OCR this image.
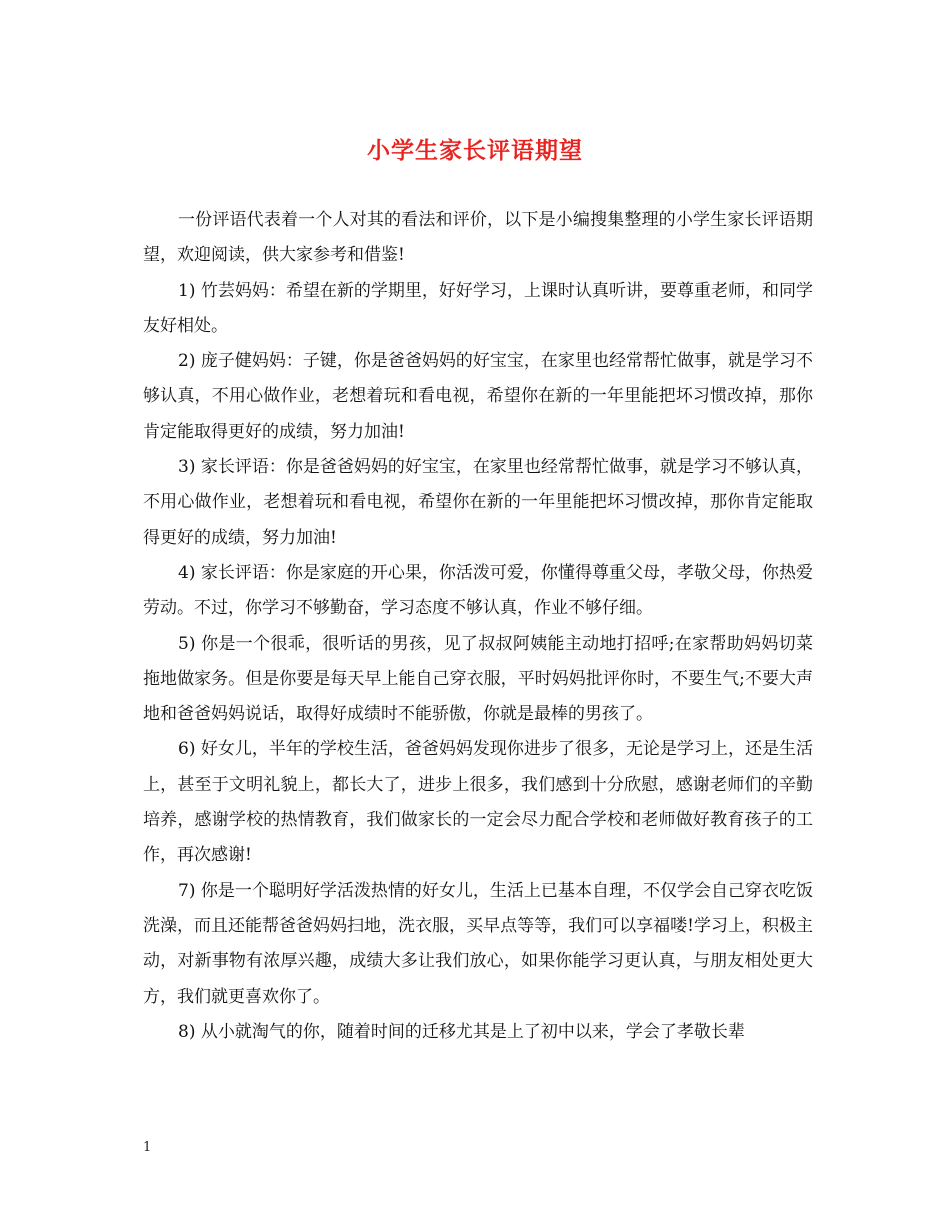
小学生家长评语期望

一份评语代表着一个人对其的看法和评价，以下是小编搜集整理的小学生家长评语期望，欢迎阅读，供大家参考和借鉴!

1) 竹芸妈妈：希望在新的学期里，好好学习，上课时认真听讲，要尊重老师，和同学友好相处。

2) 庞子健妈妈：子键，你是爸爸妈妈的好宝宝，在家里也经常帮忙做事，就是学习不够认真，不用心做作业，老想着玩和看电视，希望你在新的一年里能把坏习惯改掉，那你肯定能取得更好的成绩，努力加油!

3) 家长评语：你是爸爸妈妈的好宝宝，在家里也经常帮忙做事，就是学习不够认真，不用心做作业，老想着玩和看电视，希望你在新的一年里能把坏习惯改掉，那你肯定能取得更好的成绩，努力加油!

4) 家长评语：你是家庭的开心果，你活泼可爱，你懂得尊重父母，孝敬父母，你热爱劳动。不过，你学习不够勤奋，学习态度不够认真，作业不够仔细。

5) 你是一个很乖，很听话的男孩，见了叔叔阿姨能主动地打招呼;在家帮助妈妈切菜拖地做家务。但是你要是每天早上能自己穿衣服，平时妈妈批评你时，不要生气;不要大声地和爸爸妈妈说话，取得好成绩时不能骄傲，你就是最棒的男孩了。

6) 好女儿，半年的学校生活，爸爸妈妈发现你进步了很多，无论是学习上，还是生活上，甚至于文明礼貌上，都长大了，进步上很多，我们感到十分欣慰，感谢老师们的辛勤培养，感谢学校的热情教育，我们做家长的一定会尽力配合学校和老师做好教育孩子的工作，再次感谢!

7) 你是一个聪明好学活泼热情的好女儿，生活上已基本自理，不仅学会自己穿衣吃饭洗澡，而且还能帮爸爸妈妈扫地，洗衣服，买早点等等，我们可以享福喽!学习上，积极主动，对新事物有浓厚兴趣，成绩大多让我们放心，如果你能学习更认真，与朋友相处更大方，我们就更喜欢你了。

8) 从小就淘气的你，随着时间的迁移尤其是上了初中以来，学会了孝敬长辈

1
